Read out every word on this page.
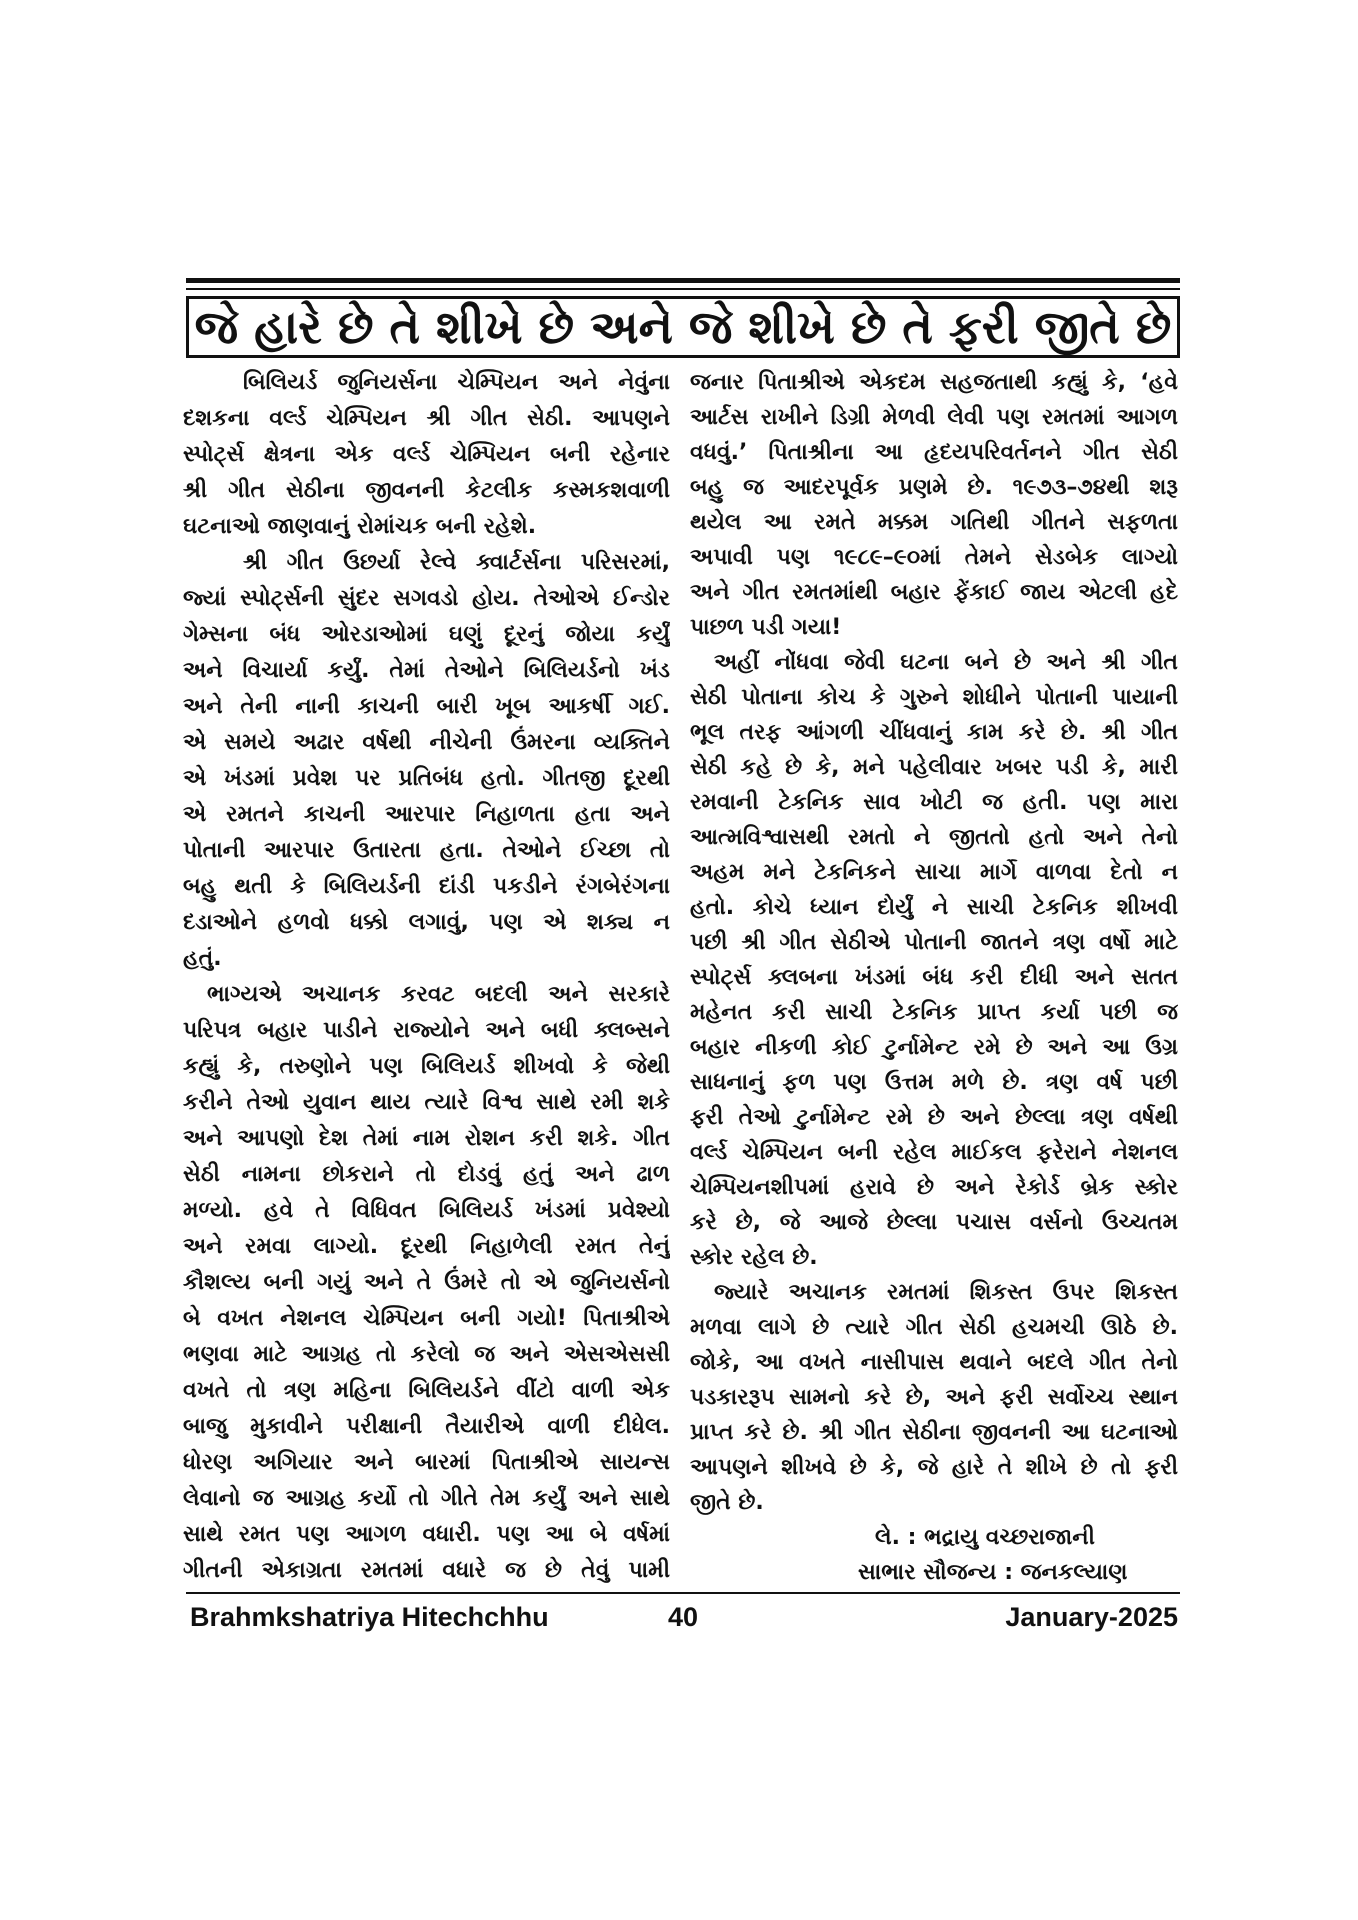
જે હારે છે તે શીખે છે અને જે શીખે છે તે ફરી જીતે છે
બિલિયર્ડ જુનિયર્સના ચેમ્પિયન અને નેવુંના
દશકના વર્લ્ડ ચેમ્પિયન શ્રી ગીત સેઠી. આપણને
સ્પોર્ટ્સ ક્ષેત્રના એક વર્લ્ડ ચેમ્પિયન બની રહેનાર
શ્રી ગીત સેઠીના જીવનની કેટલીક કસ્મકશવાળી
ઘટનાઓ જાણવાનું રોમાંચક બની રહેશે.
શ્રી ગીત ઉછર્યા રેલ્વે ક્વાર્ટર્સના પરિસરમાં,
જ્યાં સ્પોર્ટ્સની સુંદર સગવડો હોય. તેઓએ ઈન્ડોર
ગેમ્સના બંધ ઓરડાઓમાં ઘણું દૂરનું જોયા કર્યું
અને વિચાર્યા કર્યું. તેમાં તેઓને બિલિયર્ડનો ખંડ
અને તેની નાની કાચની બારી ખૂબ આકર્ષી ગઈ.
એ સમયે અઢાર વર્ષથી નીચેની ઉંમરના વ્યક્તિને
એ ખંડમાં પ્રવેશ પર પ્રતિબંધ હતો. ગીતજી દૂરથી
એ રમતને કાચની આરપાર નિહાળતા હતા અને
પોતાની આરપાર ઉતારતા હતા. તેઓને ઈચ્છા તો
બહુ થતી કે બિલિયર્ડની દાંડી પકડીને રંગબેરંગના
દડાઓને હળવો ધક્કો લગાવું, પણ એ શક્ય ન
હતું.
ભાગ્યએ અચાનક કરવટ બદલી અને સરકારે
પરિપત્ર બહાર પાડીને રાજ્યોને અને બધી ક્લબ્સને
કહ્યું કે, તરુણોને પણ બિલિયર્ડ શીખવો કે જેથી
કરીને તેઓ યુવાન થાય ત્યારે વિશ્વ સાથે રમી શકે
અને આપણો દેશ તેમાં નામ રોશન કરી શકે. ગીત
સેઠી નામના છોકરાને તો દોડવું હતું અને ઢાળ
મળ્યો. હવે તે વિધિવત બિલિયર્ડ ખંડમાં પ્રવેશ્યો
અને રમવા લાગ્યો. દૂરથી નિહાળેલી રમત તેનું
કૌશલ્ય બની ગયું અને તે ઉંમરે તો એ જુનિયર્સનો
બે વખત નેશનલ ચેમ્પિયન બની ગયો! પિતાશ્રીએ
ભણવા માટે આગ્રહ તો કરેલો જ અને એસએસસી
વખતે તો ત્રણ મહિના બિલિયર્ડને વીંટો વાળી એક
બાજુ મુકાવીને પરીક્ષાની તૈયારીએ વાળી દીધેલ.
ધોરણ અગિયાર અને બારમાં પિતાશ્રીએ સાયન્સ
લેવાનો જ આગ્રહ કર્યો તો ગીતે તેમ કર્યું અને સાથે
સાથે રમત પણ આગળ વધારી. પણ આ બે વર્ષમાં
ગીતની એકાગ્રતા રમતમાં વધારે જ છે તેવું પામી
જનાર પિતાશ્રીએ એકદમ સહજતાથી કહ્યું કે, ‘હવે
આર્ટસ રાખીને ડિગ્રી મેળવી લેવી પણ રમતમાં આગળ
વધવું.’ પિતાશ્રીના આ હૃદયપરિવર્તનને ગીત સેઠી
બહુ જ આદરપૂર્વક પ્રણમે છે. ૧૯૭૩–૭૪થી શરૂ
થયેલ આ રમતે મક્કમ ગતિથી ગીતને સફળતા
અપાવી પણ ૧૯૮૯–૯૦માં તેમને સેડબેક લાગ્યો
અને ગીત રમતમાંથી બહાર ફેંકાઈ જાય એટલી હદે
પાછળ પડી ગયા!
અહીં નોંધવા જેવી ઘટના બને છે અને શ્રી ગીત
સેઠી પોતાના કોચ કે ગુરુને શોધીને પોતાની પાયાની
ભૂલ તરફ આંગળી ચીંધવાનું કામ કરે છે. શ્રી ગીત
સેઠી કહે છે કે, મને પહેલીવાર ખબર પડી કે, મારી
રમવાની ટેકનિક સાવ ખોટી જ હતી. પણ મારા
આત્મવિશ્વાસથી રમતો ને જીતતો હતો અને તેનો
અહમ મને ટેકનિકને સાચા માર્ગે વાળવા દેતો ન
હતો. કોચે ધ્યાન દોર્યું ને સાચી ટેકનિક શીખવી
પછી શ્રી ગીત સેઠીએ પોતાની જાતને ત્રણ વર્ષો માટે
સ્પોર્ટ્સ ક્લબના ખંડમાં બંધ કરી દીધી અને સતત
મહેનત કરી સાચી ટેકનિક પ્રાપ્ત કર્યા પછી જ
બહાર નીકળી કોઈ ટુર્નામેન્ટ રમે છે અને આ ઉગ્ર
સાધનાનું ફળ પણ ઉત્તમ મળે છે. ત્રણ વર્ષ પછી
ફરી તેઓ ટુર્નામેન્ટ રમે છે અને છેલ્લા ત્રણ વર્ષથી
વર્લ્ડ ચેમ્પિયન બની રહેલ માઈકલ ફરેરાને નેશનલ
ચેમ્પિયનશીપમાં હરાવે છે અને રેકોર્ડ બ્રેક સ્કોર
કરે છે, જે આજે છેલ્લા પચાસ વર્સનો ઉચ્ચતમ
સ્કોર રહેલ છે.
જ્યારે અચાનક રમતમાં શિકસ્ત ઉપર શિકસ્ત
મળવા લાગે છે ત્યારે ગીત સેઠી હચમચી ઊઠે છે.
જોકે, આ વખતે નાસીપાસ થવાને બદલે ગીત તેનો
પડકારરૂપ સામનો કરે છે, અને ફરી સર્વોચ્ચ સ્થાન
પ્રાપ્ત કરે છે. શ્રી ગીત સેઠીના જીવનની આ ઘટનાઓ
આપણને શીખવે છે કે, જે હારે તે શીખે છે તો ફરી
જીતે છે.
લે. : ભદ્રાયુ વચ્છરાજાની
સાભાર સૌજન્ય : જનકલ્યાણ
Brahmkshatriya Hitechchhu	40	January-2025
